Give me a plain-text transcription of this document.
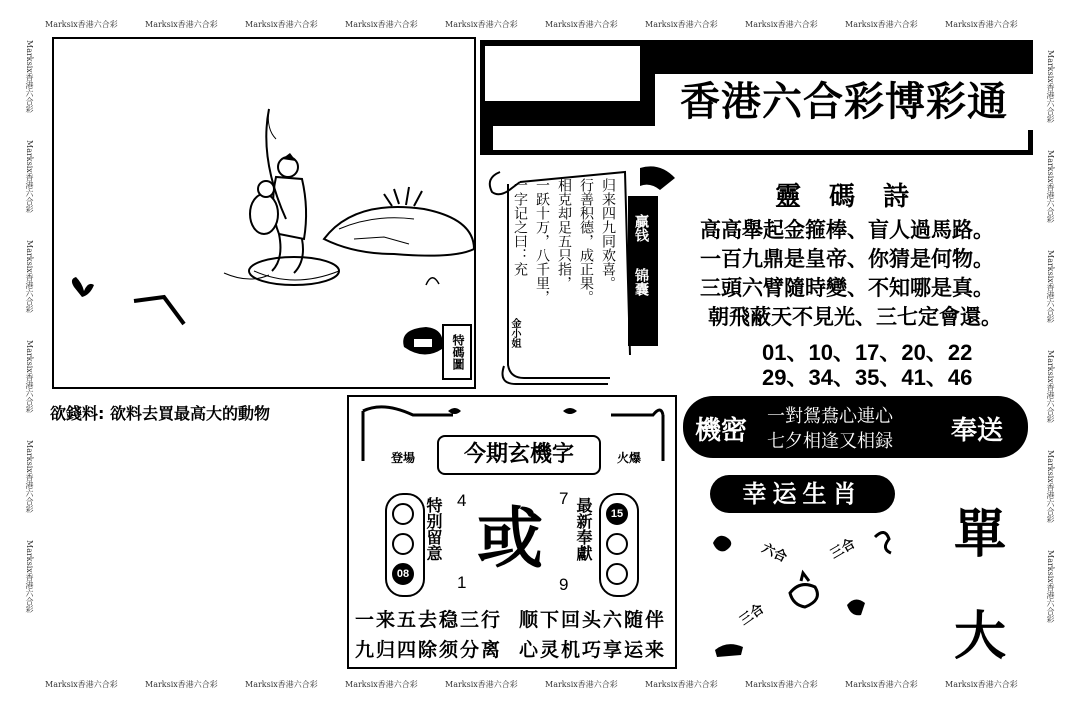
Marksix香港六合彩	Marksix香港六合彩	Marksix香港六合彩	Marksix香港六合彩	Marksix香港六合彩	Marksix香港六合彩	Marksix香港六合彩	Marksix香港六合彩	Marksix香港六合彩	Marksix香港六合彩
Marksix香港六合彩	Marksix香港六合彩	Marksix香港六合彩	Marksix香港六合彩	Marksix香港六合彩	Marksix香港六合彩	Marksix香港六合彩	Marksix香港六合彩	Marksix香港六合彩	Marksix香港六合彩
Marksix香港六合彩
Marksix香港六合彩
Marksix香港六合彩
Marksix香港六合彩
Marksix香港六合彩
Marksix香港六合彩
Marksix香港六合彩
Marksix香港六合彩
Marksix香港六合彩
Marksix香港六合彩
Marksix香港六合彩
Marksix香港六合彩
特碼圖
欲錢料: 欲料去買最高大的動物
香港六合彩博彩通
归来四九同欢喜。
行善积德，成正果。
相克却足五只指，
一跃十万，八千里，
一字记之曰：充
金小姐
贏钱
锦囊
靈碼詩
高高舉起金箍棒、盲人過馬路。
一百九鼎是皇帝、你猜是何物。
三頭六臂隨時變、不知哪是真。
朝飛蔽天不見光、三七定會還。
01、10、17、20、22
29、34、35、41、46
機密 一對鴛鴦心連心
七夕相逢又相録 奉送
幸运生肖
六合	三合
三合
單
大
登場	今期玄機字	火爆
08
特别留意	最新奉獻	15
4	7
1	9
或
一来五去稳三行 顺下回头六随伴
九归四除须分离 心灵机巧享运来
